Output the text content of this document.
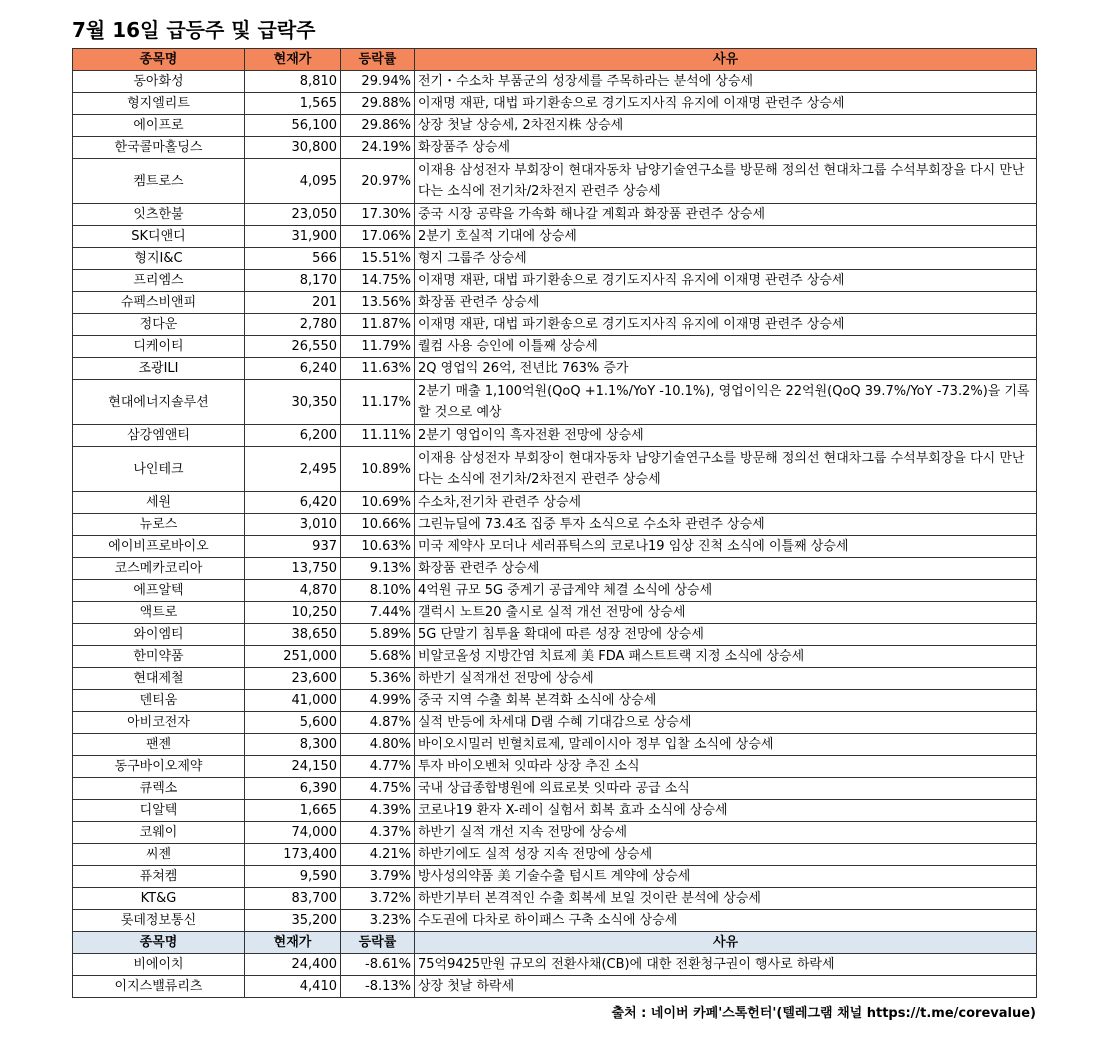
7월 16일 급등주 및 급락주
종목명	현재가	등락률	사유
동아화성	8,810	29.94%	전기・수소차 부품군의 성장세를 주목하라는 분석에 상승세
형지엘리트	1,565	29.88%	이재명 재판, 대법 파기환송으로 경기도지사직 유지에 이재명 관련주 상승세
에이프로	56,100	29.86%	상장 첫날 상승세, 2차전지株 상승세
한국콜마홀딩스	30,800	24.19%	화장품주 상승세
켐트로스	4,095	20.97%	이재용 삼성전자 부회장이 현대자동차 남양기술연구소를 방문해 정의선 현대차그룹 수석부회장을 다시 만난다는 소식에 전기차/2차전지 관련주 상승세
잇츠한불	23,050	17.30%	중국 시장 공략을 가속화 해나갈 계획과 화장품 관련주 상승세
SK디앤디	31,900	17.06%	2분기 호실적 기대에 상승세
형지I&C	566	15.51%	형지 그룹주 상승세
프리엠스	8,170	14.75%	이재명 재판, 대법 파기환송으로 경기도지사직 유지에 이재명 관련주 상승세
슈펙스비앤피	201	13.56%	화장품 관련주 상승세
정다운	2,780	11.87%	이재명 재판, 대법 파기환송으로 경기도지사직 유지에 이재명 관련주 상승세
디케이티	26,550	11.79%	퀄컴 사용 승인에 이틀째 상승세
조광ILI	6,240	11.63%	2Q 영업익 26억, 전년比 763% 증가
현대에너지솔루션	30,350	11.17%	2분기 매출 1,100억원(QoQ +1.1%/YoY -10.1%), 영업이익은 22억원(QoQ 39.7%/YoY -73.2%)을 기록할 것으로 예상
삼강엠앤티	6,200	11.11%	2분기 영업이익 흑자전환 전망에 상승세
나인테크	2,495	10.89%	이재용 삼성전자 부회장이 현대자동차 남양기술연구소를 방문해 정의선 현대차그룹 수석부회장을 다시 만난다는 소식에 전기차/2차전지 관련주 상승세
세원	6,420	10.69%	수소차,전기차 관련주 상승세
뉴로스	3,010	10.66%	그린뉴딜에 73.4조 집중 투자 소식으로 수소차 관련주 상승세
에이비프로바이오	937	10.63%	미국 제약사 모더나 세러퓨틱스의 코로나19 임상 진척 소식에 이틀째 상승세
코스메카코리아	13,750	9.13%	화장품 관련주 상승세
에프알텍	4,870	8.10%	4억원 규모 5G 중계기 공급계약 체결 소식에 상승세
액트로	10,250	7.44%	갤럭시 노트20 출시로 실적 개선 전망에 상승세
와이엠티	38,650	5.89%	5G 단말기 침투율 확대에 따른 성장 전망에 상승세
한미약품	251,000	5.68%	비알코올성 지방간염 치료제 美 FDA 패스트트랙 지정 소식에 상승세
현대제철	23,600	5.36%	하반기 실적개선 전망에 상승세
덴티움	41,000	4.99%	중국 지역 수출 회복 본격화 소식에 상승세
아비코전자	5,600	4.87%	실적 반등에 차세대 D램 수혜 기대감으로 상승세
팬젠	8,300	4.80%	바이오시밀러 빈혈치료제, 말레이시아 정부 입찰 소식에 상승세
동구바이오제약	24,150	4.77%	투자 바이오벤처 잇따라 상장 추진 소식
큐렉소	6,390	4.75%	국내 상급종합병원에 의료로봇 잇따라 공급 소식
디알텍	1,665	4.39%	코로나19 환자 X-레이 실험서 회복 효과 소식에 상승세
코웨이	74,000	4.37%	하반기 실적 개선 지속 전망에 상승세
씨젠	173,400	4.21%	하반기에도 실적 성장 지속 전망에 상승세
퓨쳐켐	9,590	3.79%	방사성의약품 美 기술수출 텀시트 계약에 상승세
KT&G	83,700	3.72%	하반기부터 본격적인 수출 회복세 보일 것이란 분석에 상승세
롯데정보통신	35,200	3.23%	수도권에 다차로 하이패스 구축 소식에 상승세
종목명	현재가	등락률	사유
비에이치	24,400	-8.61%	75억9425만원 규모의 전환사채(CB)에 대한 전환청구권이 행사로 하락세
이지스밸류리츠	4,410	-8.13%	상장 첫날 하락세
출처 : 네이버 카페'스톡헌터'(텔레그램 채널 https://t.me/corevalue)
